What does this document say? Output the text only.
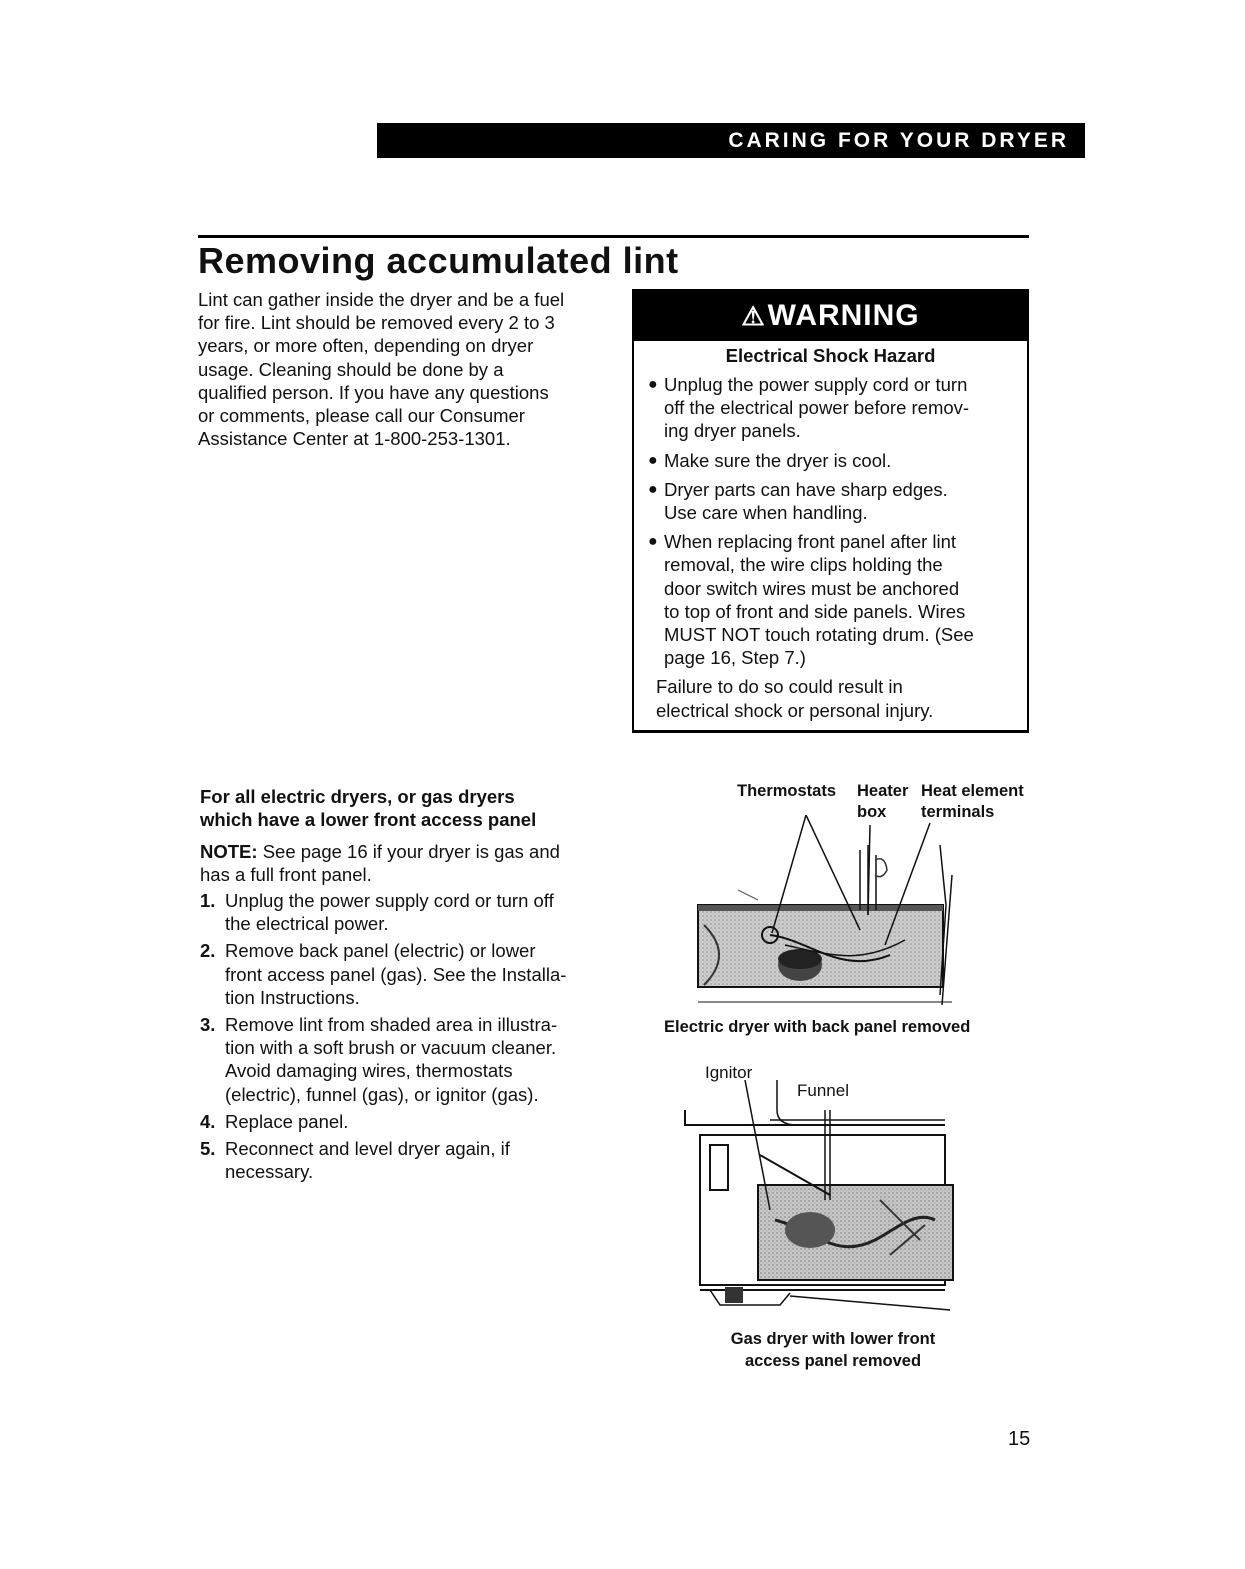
CARING FOR YOUR DRYER
Removing accumulated lint

Lint can gather inside the dryer and be a fuel
for fire. Lint should be removed every 2 to 3
years, or more often, depending on dryer
usage. Cleaning should be done by a
qualified person. If you have any questions
or comments, please call our Consumer
Assistance Center at 1-800-253-1301.

⚠ WARNING
Electrical Shock Hazard
● Unplug the power supply cord or turn
off the electrical power before remov-
ing dryer panels.
● Make sure the dryer is cool.
● Dryer parts can have sharp edges.
Use care when handling.
● When replacing front panel after lint
removal, the wire clips holding the
door switch wires must be anchored
to top of front and side panels. Wires
MUST NOT touch rotating drum. (See
page 16, Step 7.)
Failure to do so could result in
electrical shock or personal injury.
For all electric dryers, or gas dryers
which have a lower front access panel

NOTE: See page 16 if your dryer is gas and
has a full front panel.

1. Unplug the power supply cord or turn off
the electrical power.
2. Remove back panel (electric) or lower
front access panel (gas). See the Installa-
tion Instructions.
3. Remove lint from shaded area in illustra-
tion with a soft brush or vacuum cleaner.
Avoid damaging wires, thermostats
(electric), funnel (gas), or ignitor (gas).
4. Replace panel.
5. Reconnect and level dryer again, if
necessary.
Thermostats Heater
box
Heat element
terminals
Electric dryer with back panel removed
Ignitor
Funnel
Gas dryer with lower front
access panel removed
15
